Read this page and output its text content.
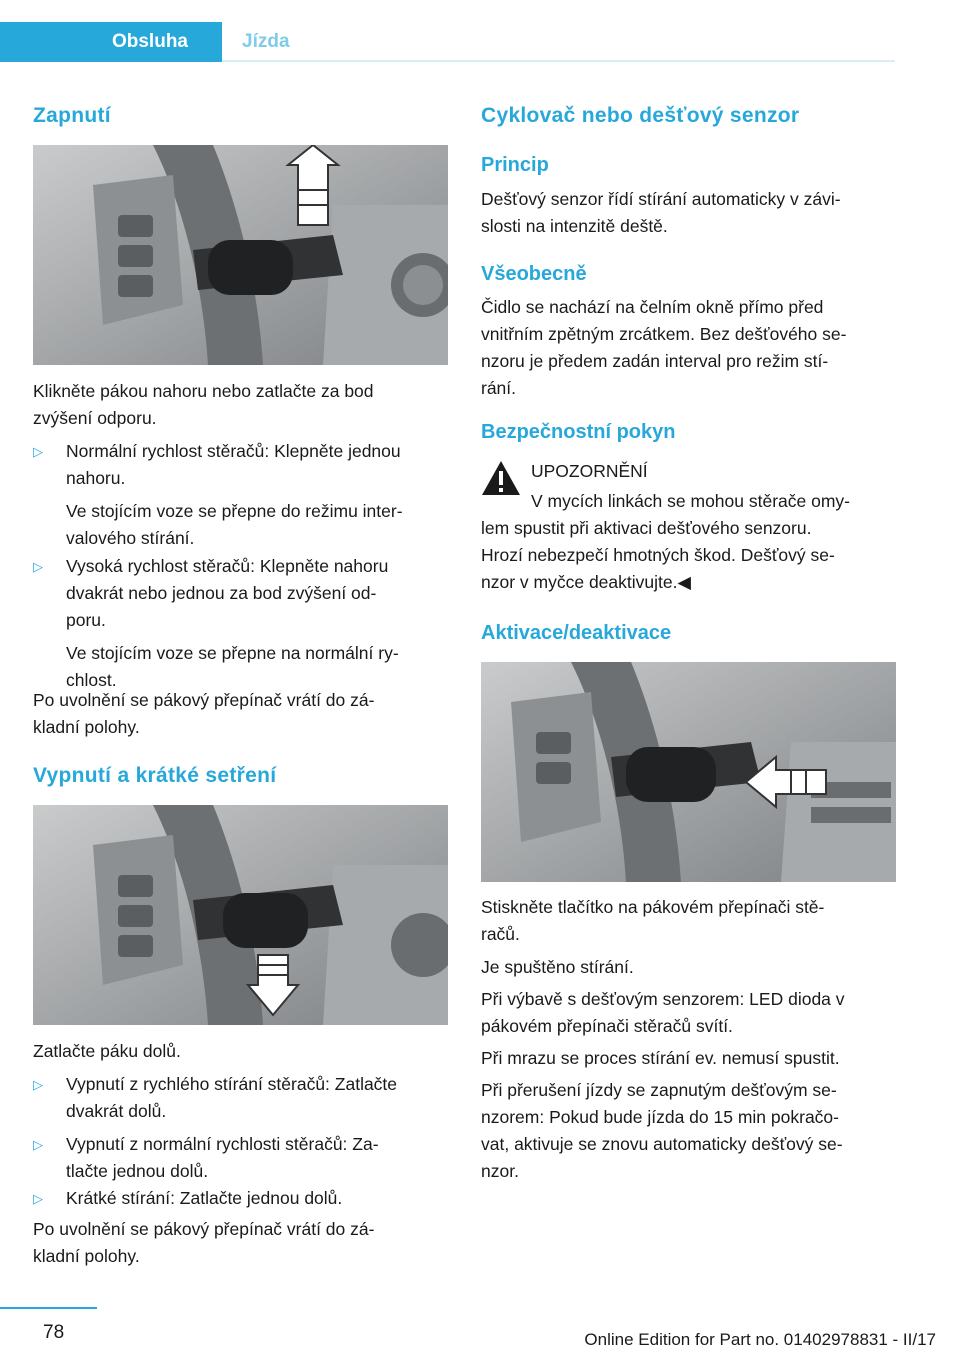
Obsluha	Jízda
Zapnutí

Klikněte pákou nahoru nebo zatlačte za bod

zvýšení odporu.

▷	Normální rychlost stěračů: Klepněte jednou
nahoru.
Ve stojícím voze se přepne do režimu inter‐
valového stírání.
▷	Vysoká rychlost stěračů: Klepněte nahoru
dvakrát nebo jednou za bod zvýšení od‐
poru.
Ve stojícím voze se přepne na normální ry‐
chlost.

Po uvolnění se pákový přepínač vrátí do zá‐

kladní polohy.

Vypnutí a krátké setření

Zatlačte páku dolů.

▷	Vypnutí z rychlého stírání stěračů: Zatlačte
dvakrát dolů.
▷	Vypnutí z normální rychlosti stěračů: Za‐
tlačte jednou dolů.
▷	Krátké stírání: Zatlačte jednou dolů.

Po uvolnění se pákový přepínač vrátí do zá‐

kladní polohy.

Cyklovač nebo dešťový senzor
Princip

Dešťový senzor řídí stírání automaticky v závi‐

slosti na intenzitě deště.

Všeobecně

Čidlo se nachází na čelním okně přímo před

vnitřním zpětným zrcátkem. Bez dešťového se‐

nzoru je předem zadán interval pro režim stí‐

rání.

Bezpečnostní pokyn

UPOZORNĚNÍ

V mycích linkách se mohou stěrače omy‐

lem spustit při aktivaci dešťového senzoru.

Hrozí nebezpečí hmotných škod. Dešťový se‐

nzor v myčce deaktivujte.◀

Aktivace/deaktivace

Stiskněte tlačítko na pákovém přepínači stě‐

račů.

Je spuštěno stírání.

Při výbavě s dešťovým senzorem: LED dioda v

pákovém přepínači stěračů svítí.

Při mrazu se proces stírání ev. nemusí spustit.

Při přerušení jízdy se zapnutým dešťovým se‐

nzorem: Pokud bude jízda do 15 min pokračo‐

vat, aktivuje se znovu automaticky dešťový se‐

nzor.

78	Online Edition for Part no. 01402978831 - II/17
